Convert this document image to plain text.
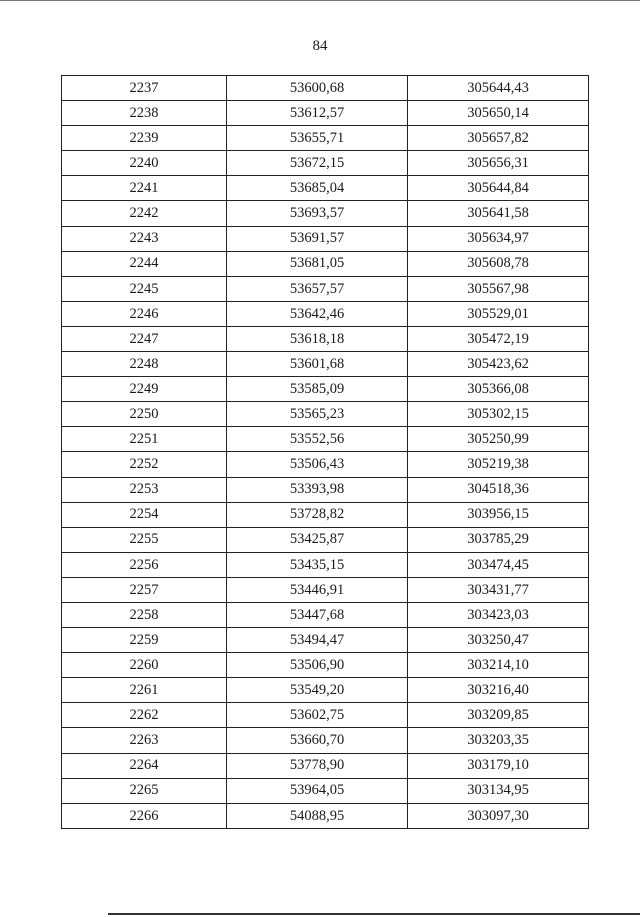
84
2237	53600,68	305644,43
2238	53612,57	305650,14
2239	53655,71	305657,82
2240	53672,15	305656,31
2241	53685,04	305644,84
2242	53693,57	305641,58
2243	53691,57	305634,97
2244	53681,05	305608,78
2245	53657,57	305567,98
2246	53642,46	305529,01
2247	53618,18	305472,19
2248	53601,68	305423,62
2249	53585,09	305366,08
2250	53565,23	305302,15
2251	53552,56	305250,99
2252	53506,43	305219,38
2253	53393,98	304518,36
2254	53728,82	303956,15
2255	53425,87	303785,29
2256	53435,15	303474,45
2257	53446,91	303431,77
2258	53447,68	303423,03
2259	53494,47	303250,47
2260	53506,90	303214,10
2261	53549,20	303216,40
2262	53602,75	303209,85
2263	53660,70	303203,35
2264	53778,90	303179,10
2265	53964,05	303134,95
2266	54088,95	303097,30
